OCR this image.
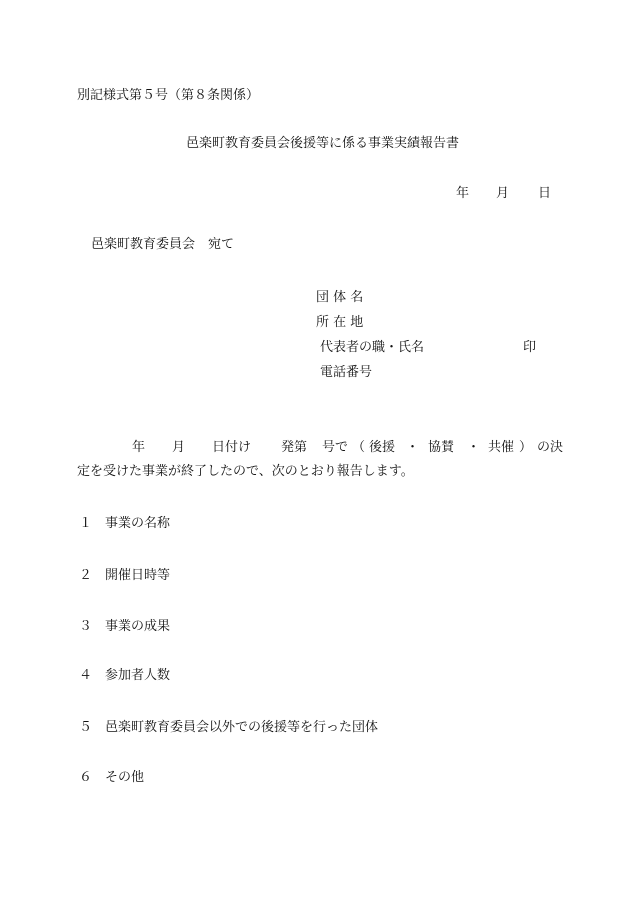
別記様式第５号（第８条関係）
邑楽町教育委員会後援等に係る事業実績報告書
年 月 日
邑楽町教育委員会　宛て
団 体 名
所 在 地
代表者の職・氏名	印
電話番号
年 月 日付け 発第 号で （ 後援 ・ 協賛 ・ 共催 ） の決
定を受けた事業が終了したので、次のとおり報告します。
１ 事業の名称
２ 開催日時等
３ 事業の成果
４ 参加者人数
５ 邑楽町教育委員会以外での後援等を行った団体
６ その他
